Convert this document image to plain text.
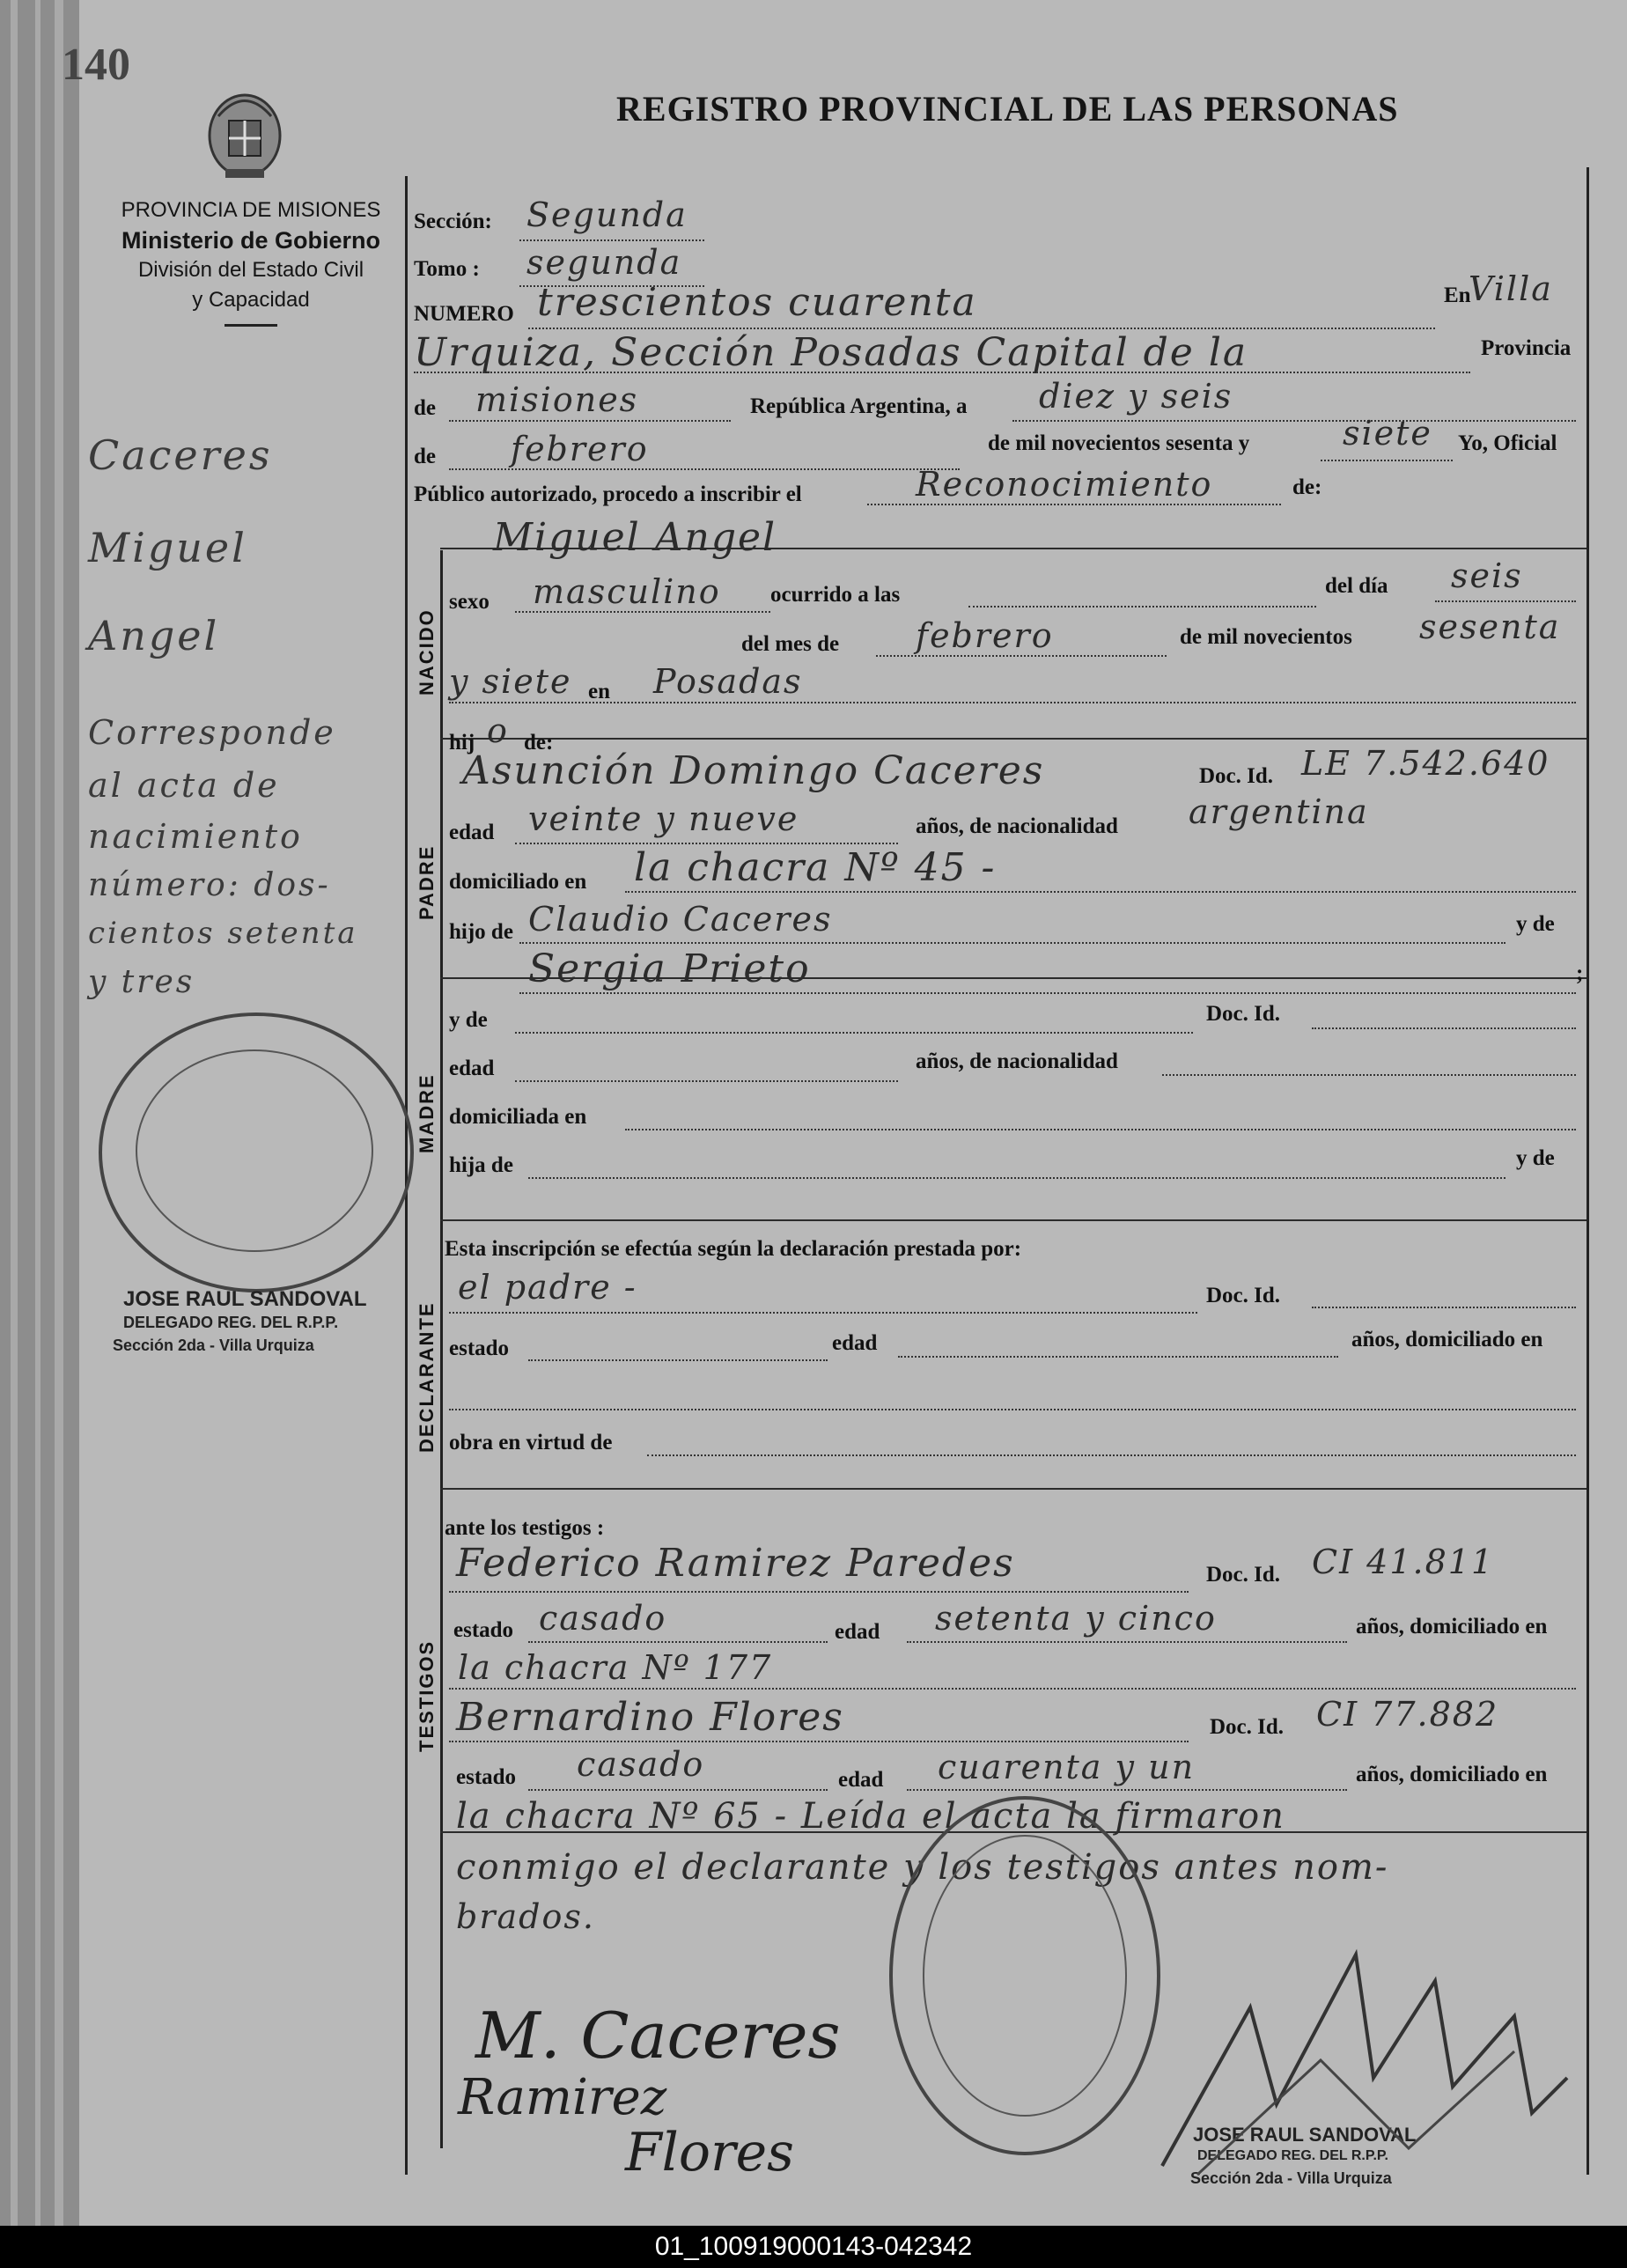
140
REGISTRO PROVINCIAL DE LAS PERSONAS
PROVINCIA DE MISIONES
Ministerio de Gobierno
División del Estado Civil
y Capacidad
NACIDO
PADRE
MADRE
DECLARANTE
TESTIGOS
Caceres
Miguel
Angel
Corresponde
al acta de
nacimiento
número: dos-
cientos setenta
y tres
JOSE RAUL SANDOVAL
DELEGADO REG. DEL R.P.P.
Sección 2da - Villa Urquiza
Sección: Segunda
Tomo : segunda
NUMERO trescientos cuarenta	En
Villa
Urquiza, Sección Posadas Capital de la	Provincia
de misiones	República Argentina, a diez y seis
de febrero	de mil novecientos sesenta y	siete Yo, Oficial
Público autorizado, procedo a inscribir el	Reconocimiento	de:
Miguel Angel
sexo masculino ocurrido a las	del día seis
del mes de febrero	de mil novecientos sesenta
y siete en Posadas
hij o de:
Asunción Domingo Caceres	Doc. Id. LE 7.542.640
edad veinte y nueve	años, de nacionalidad argentina
domiciliado en la chacra Nº 45 -
hijo de Claudio Caceres	y de
Sergia Prieto	;
y de	Doc. Id.
edad	años, de nacionalidad
domiciliada en
hija de	y de
Esta inscripción se efectúa según la declaración prestada por:
el padre -	Doc. Id.
estado	edad	años, domiciliado en
obra en virtud de
ante los testigos :
Federico Ramirez Paredes	Doc. Id. CI 41.811
estado casado	edad setenta y cinco	años, domiciliado en
la chacra Nº 177
Bernardino Flores	Doc. Id. CI 77.882
estado casado	edad cuarenta y un	años, domiciliado en
la chacra Nº 65 - Leída el acta la firmaron
conmigo el declarante y los testigos antes nom-
brados.
JOSE RAUL SANDOVAL
DELEGADO REG. DEL R.P.P.
Sección 2da - Villa Urquiza
M. Caceres
Ramirez
Flores
01_100919000143-042342
